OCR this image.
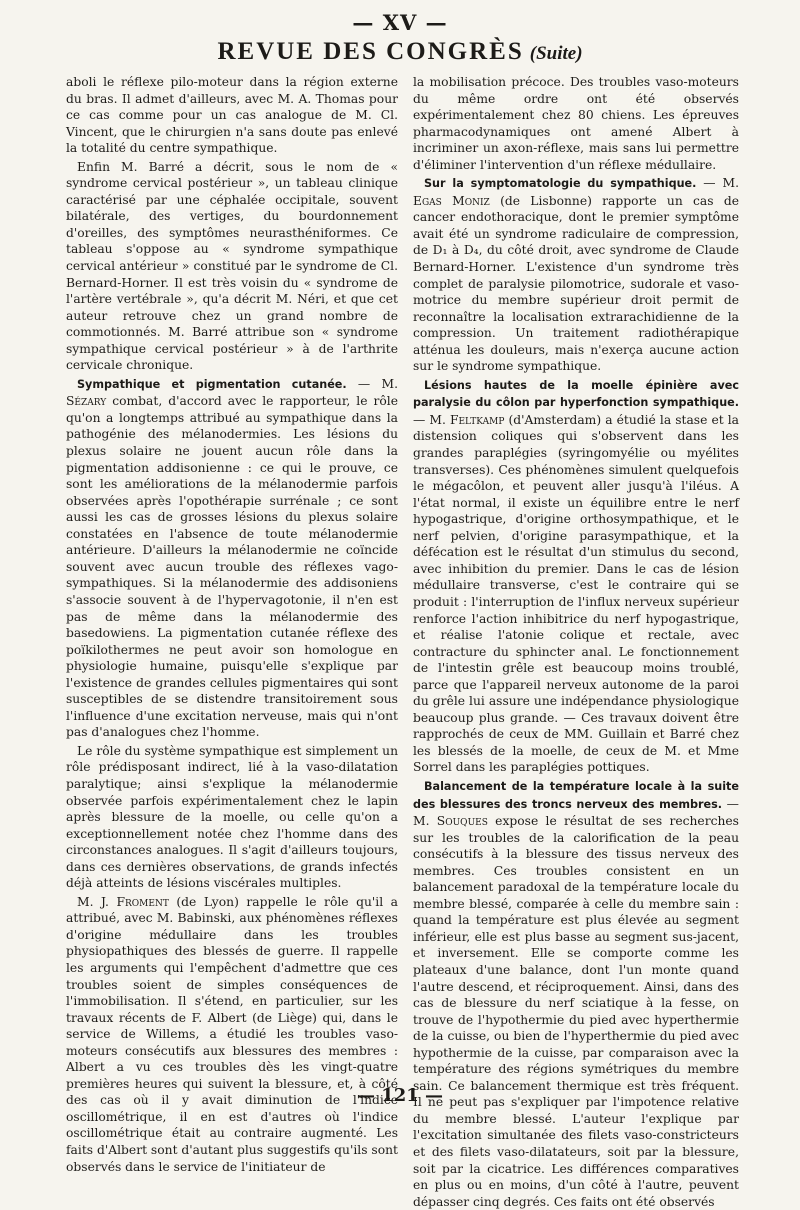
— XV —
REVUE DES CONGRÈS (Suite)

aboli le réflexe pilo-moteur dans la région externe du bras. Il admet d'ailleurs, avec M. A. Thomas pour ce cas comme pour un cas analogue de M. Cl. Vincent, que le chirurgien n'a sans doute pas enlevé la totalité du centre sympathique.

Enfin M. Barré a décrit, sous le nom de « syndrome cervical postérieur », un tableau clinique caractérisé par une céphalée occipitale, souvent bilatérale, des vertiges, du bourdonnement d'oreilles, des symptômes neurasthéniformes. Ce tableau s'oppose au « syndrome sympathique cervical antérieur » constitué par le syndrome de Cl. Bernard-Horner. Il est très voisin du « syndrome de l'artère vertébrale », qu'a décrit M. Néri, et que cet auteur retrouve chez un grand nombre de commotionnés. M. Barré attribue son « syndrome sympathique cervical postérieur » à de l'arthrite cervicale chronique.

Sympathique et pigmentation cutanée. — M. Sézary combat, d'accord avec le rapporteur, le rôle qu'on a longtemps attribué au sympathique dans la pathogénie des mélanodermies. Les lésions du plexus solaire ne jouent aucun rôle dans la pigmentation addisonienne : ce qui le prouve, ce sont les améliorations de la mélanodermie parfois observées après l'opothérapie surrénale ; ce sont aussi les cas de grosses lésions du plexus solaire constatées en l'absence de toute mélanodermie antérieure. D'ailleurs la mélanodermie ne coïncide souvent avec aucun trouble des réflexes vago-sympathiques. Si la mélanodermie des addisoniens s'associe souvent à de l'hypervagotonie, il n'en est pas de même dans la mélanodermie des basedowiens. La pigmentation cutanée réflexe des poïkilothermes ne peut avoir son homologue en physiologie humaine, puisqu'elle s'explique par l'existence de grandes cellules pigmentaires qui sont susceptibles de se distendre transitoirement sous l'influence d'une excitation nerveuse, mais qui n'ont pas d'analogues chez l'homme.

Le rôle du système sympathique est simplement un rôle prédisposant indirect, lié à la vaso-dilatation paralytique; ainsi s'explique la mélanodermie observée parfois expérimentalement chez le lapin après blessure de la moelle, ou celle qu'on a exceptionnellement notée chez l'homme dans des circonstances analogues. Il s'agit d'ailleurs toujours, dans ces dernières observations, de grands infectés déjà atteints de lésions viscérales multiples.

M. J. Froment (de Lyon) rappelle le rôle qu'il a attribué, avec M. Babinski, aux phénomènes réflexes d'origine médullaire dans les troubles physiopathiques des blessés de guerre. Il rappelle les arguments qui l'empêchent d'admettre que ces troubles soient de simples conséquences de l'immobilisation. Il s'étend, en particulier, sur les travaux récents de F. Albert (de Liège) qui, dans le service de Willems, a étudié les troubles vaso-moteurs consécutifs aux blessures des membres : Albert a vu ces troubles dès les vingt-quatre premières heures qui suivent la blessure, et, à côté des cas où il y avait diminution de l'indice oscillométrique, il en est d'autres où l'indice oscillométrique était au contraire augmenté. Les faits d'Albert sont d'autant plus suggestifs qu'ils sont observés dans le service de l'initiateur de

la mobilisation précoce. Des troubles vaso-moteurs du même ordre ont été observés expérimentalement chez 80 chiens. Les épreuves pharmacodynamiques ont amené Albert à incriminer un axon-réflexe, mais sans lui permettre d'éliminer l'intervention d'un réflexe médullaire.

Sur la symptomatologie du sympathique. — M. Egas Moniz (de Lisbonne) rapporte un cas de cancer endothoracique, dont le premier symptôme avait été un syndrome radiculaire de compression, de D₁ à D₄, du côté droit, avec syndrome de Claude Bernard-Horner. L'existence d'un syndrome très complet de paralysie pilomotrice, sudorale et vaso-motrice du membre supérieur droit permit de reconnaître la localisation extrarachidienne de la compression. Un traitement radiothérapique atténua les douleurs, mais n'exerça aucune action sur le syndrome sympathique.

Lésions hautes de la moelle épinière avec paralysie du côlon par hyperfonction sympathique. — M. Feltkamp (d'Amsterdam) a étudié la stase et la distension coliques qui s'observent dans les grandes paraplégies (syringomyélie ou myélites transverses). Ces phénomènes simulent quelquefois le mégacôlon, et peuvent aller jusqu'à l'iléus. A l'état normal, il existe un équilibre entre le nerf hypogastrique, d'origine orthosympathique, et le nerf pelvien, d'origine parasympathique, et la défécation est le résultat d'un stimulus du second, avec inhibition du premier. Dans le cas de lésion médullaire transverse, c'est le contraire qui se produit : l'interruption de l'influx nerveux supérieur renforce l'action inhibitrice du nerf hypogastrique, et réalise l'atonie colique et rectale, avec contracture du sphincter anal. Le fonctionnement de l'intestin grêle est beaucoup moins troublé, parce que l'appareil nerveux autonome de la paroi du grêle lui assure une indépendance physiologique beaucoup plus grande. — Ces travaux doivent être rapprochés de ceux de MM. Guillain et Barré chez les blessés de la moelle, de ceux de M. et Mme Sorrel dans les paraplégies pottiques.

Balancement de la température locale à la suite des blessures des troncs nerveux des membres. — M. Souques expose le résultat de ses recherches sur les troubles de la calorification de la peau consécutifs à la blessure des tissus nerveux des membres. Ces troubles consistent en un balancement paradoxal de la température locale du membre blessé, comparée à celle du membre sain : quand la température est plus élevée au segment inférieur, elle est plus basse au segment sus-jacent, et inversement. Elle se comporte comme les plateaux d'une balance, dont l'un monte quand l'autre descend, et réciproquement. Ainsi, dans des cas de blessure du nerf sciatique à la fesse, on trouve de l'hypothermie du pied avec hyperthermie de la cuisse, ou bien de l'hyperthermie du pied avec hypothermie de la cuisse, par comparaison avec la température des régions symétriques du membre sain. Ce balancement thermique est très fréquent. Il ne peut pas s'expliquer par l'impotence relative du membre blessé. L'auteur l'explique par l'excitation simultanée des filets vaso-constricteurs et des filets vaso-dilatateurs, soit par la blessure, soit par la cicatrice. Les différences comparatives en plus ou en moins, d'un côté à l'autre, peuvent dépasser cinq degrés. Ces faits ont été observés

— 121 —
